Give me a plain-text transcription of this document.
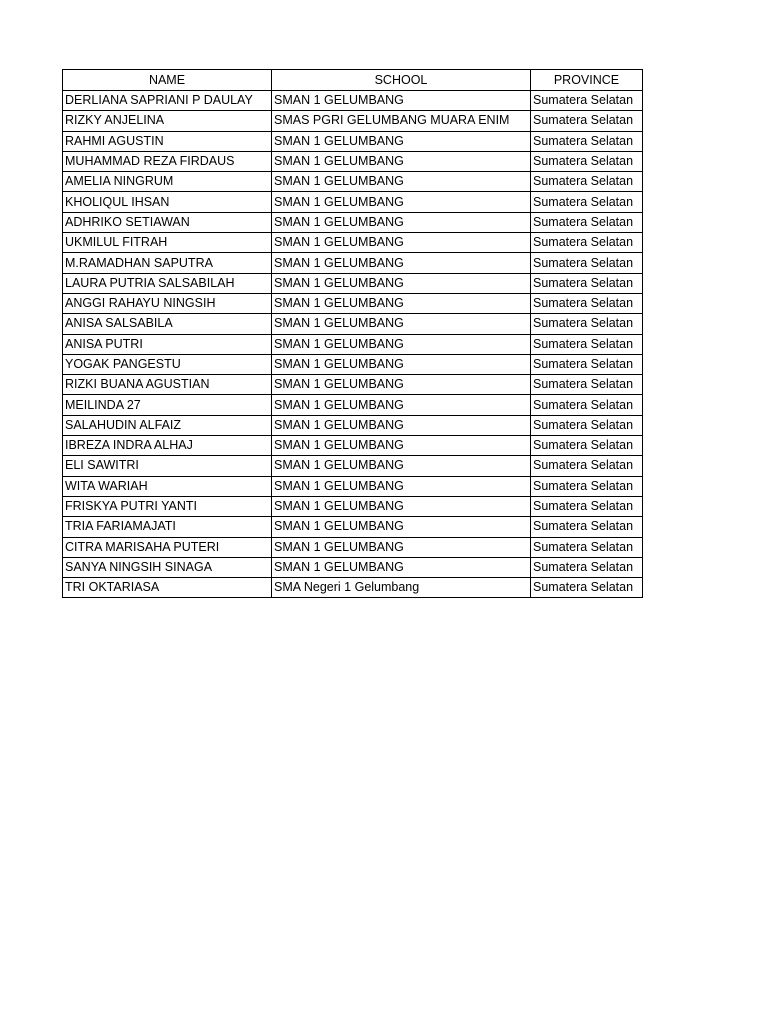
NAME	SCHOOL	PROVINCE
DERLIANA SAPRIANI P DAULAY	SMAN 1 GELUMBANG	Sumatera Selatan
RIZKY ANJELINA	SMAS PGRI GELUMBANG MUARA ENIM	Sumatera Selatan
RAHMI AGUSTIN	SMAN 1 GELUMBANG	Sumatera Selatan
MUHAMMAD REZA FIRDAUS	SMAN 1 GELUMBANG	Sumatera Selatan
AMELIA NINGRUM	SMAN 1 GELUMBANG	Sumatera Selatan
KHOLIQUL IHSAN	SMAN 1 GELUMBANG	Sumatera Selatan
ADHRIKO SETIAWAN	SMAN 1 GELUMBANG	Sumatera Selatan
UKMILUL FITRAH	SMAN 1 GELUMBANG	Sumatera Selatan
M.RAMADHAN SAPUTRA	SMAN 1 GELUMBANG	Sumatera Selatan
LAURA PUTRIA SALSABILAH	SMAN 1 GELUMBANG	Sumatera Selatan
ANGGI RAHAYU NINGSIH	SMAN 1 GELUMBANG	Sumatera Selatan
ANISA SALSABILA	SMAN 1 GELUMBANG	Sumatera Selatan
ANISA PUTRI	SMAN 1 GELUMBANG	Sumatera Selatan
YOGAK PANGESTU	SMAN 1 GELUMBANG	Sumatera Selatan
RIZKI BUANA AGUSTIAN	SMAN 1 GELUMBANG	Sumatera Selatan
MEILINDA 27	SMAN 1 GELUMBANG	Sumatera Selatan
SALAHUDIN ALFAIZ	SMAN 1 GELUMBANG	Sumatera Selatan
IBREZA INDRA ALHAJ	SMAN 1 GELUMBANG	Sumatera Selatan
ELI SAWITRI	SMAN 1 GELUMBANG	Sumatera Selatan
WITA WARIAH	SMAN 1 GELUMBANG	Sumatera Selatan
FRISKYA PUTRI YANTI	SMAN 1 GELUMBANG	Sumatera Selatan
TRIA FARIAMAJATI	SMAN 1 GELUMBANG	Sumatera Selatan
CITRA MARISAHA PUTERI	SMAN 1 GELUMBANG	Sumatera Selatan
SANYA NINGSIH SINAGA	SMAN 1 GELUMBANG	Sumatera Selatan
TRI OKTARIASA	SMA Negeri 1 Gelumbang	Sumatera Selatan
